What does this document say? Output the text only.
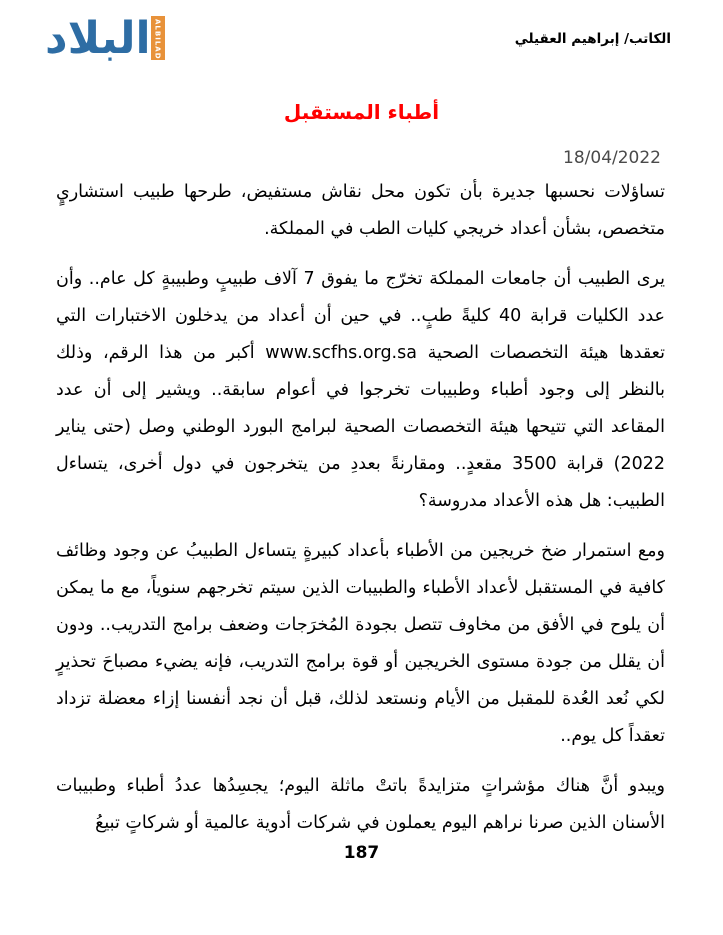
البلاد ALBILAD	الكاتب/ إبراهيم العقيلي
أطباء المستقبل
18/04/2022

تساؤلات نحسبها جديرة بأن تكون محل نقاش مستفيض، طرحها طبيب استشاريٍ متخصص، بشأن أعداد خريجي كليات الطب في المملكة.

يرى الطبيب أن جامعات المملكة تخرّج ما يفوق 7 آلاف طبيبٍ وطبيبةٍ كل عام.. وأن عدد الكليات قرابة 40 كليةً طبٍ.. في حين أن أعداد من يدخلون الاختبارات التي تعقدها هيئة التخصصات الصحية www.scfhs.org.sa أكبر من هذا الرقم، وذلك بالنظر إلى وجود أطباء وطبيبات تخرجوا في أعوام سابقة.. ويشير إلى أن عدد المقاعد التي تتيحها هيئة التخصصات الصحية لبرامج البورد الوطني وصل (حتى يناير 2022) قرابة 3500 مقعدٍ.. ومقارنةً بعددِ من يتخرجون في دول أخرى، يتساءل الطبيب: هل هذه الأعداد مدروسة؟

ومع استمرار ضخ خريجين من الأطباء بأعداد كبيرةٍ يتساءل الطبيبُ عن وجود وظائف كافية في المستقبل لأعداد الأطباء والطبيبات الذين سيتم تخرجهم سنوياً، مع ما يمكن أن يلوح في الأفق من مخاوف تتصل بجودة المُخرَجات وضعف برامج التدريب.. ودون أن يقلل من جودة مستوى الخريجين أو قوة برامج التدريب، فإنه يضيء مصباحَ تحذيرٍ لكي نُعد العُدة للمقبل من الأيام ونستعد لذلك، قبل أن نجد أنفسنا إزاء معضلة تزداد تعقداً كل يوم..

ويبدو أنَّ هناك مؤشراتٍ متزايدةً باتتْ ماثلة اليوم؛ يجسِدُها عددُ أطباء وطبيبات الأسنان الذين صرنا نراهم اليوم يعملون في شركات أدوية عالمية أو شركاتٍ تبيعُ

187
